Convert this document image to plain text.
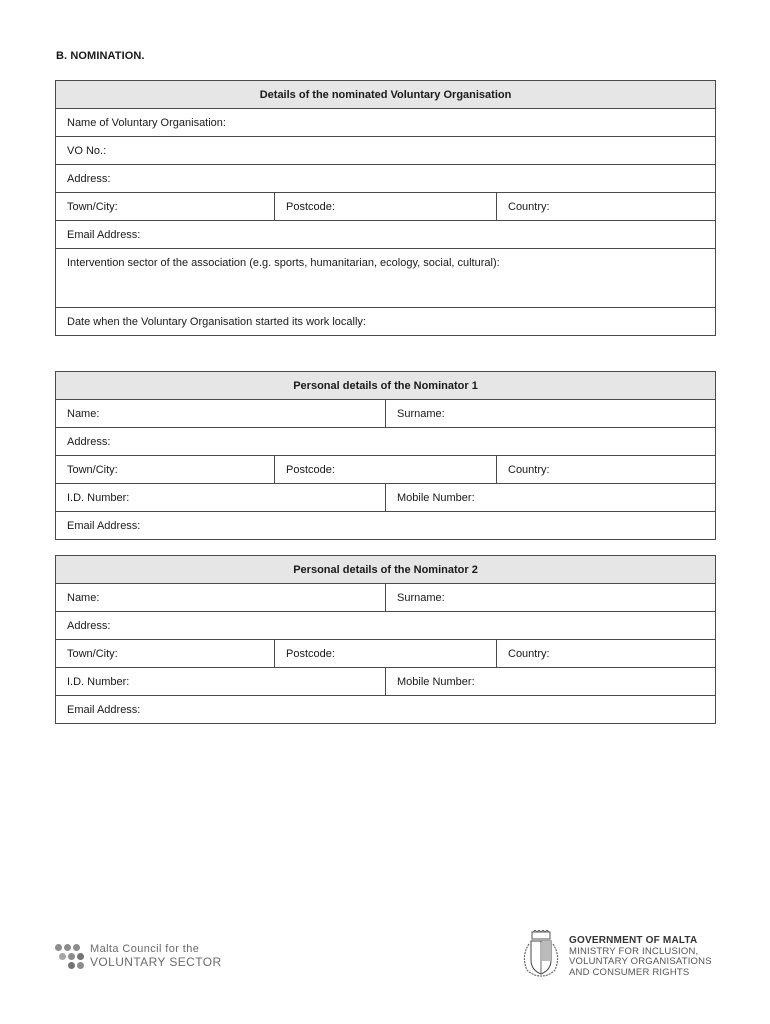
B. NOMINATION.
Details of the nominated Voluntary Organisation
Name of Voluntary Organisation:
VO No.:
Address:
Town/City:	Postcode:	Country:
Email Address:
Intervention sector of the association (e.g. sports, humanitarian, ecology, social, cultural):
Date when the Voluntary Organisation started its work locally:
Personal details of the Nominator 1			
Name:		Surname:	
Address:			
Town/City:	Postcode:		Country:
I.D. Number:		Mobile Number:	
Email Address:			
Personal details of the Nominator 2			
Name:		Surname:	
Address:			
Town/City:	Postcode:		Country:
I.D. Number:		Mobile Number:	
Email Address:			
Malta Council for the
VOLUNTARY SECTOR
GOVERNMENT OF MALTA
MINISTRY FOR INCLUSION,
VOLUNTARY ORGANISATIONS
AND CONSUMER RIGHTS
